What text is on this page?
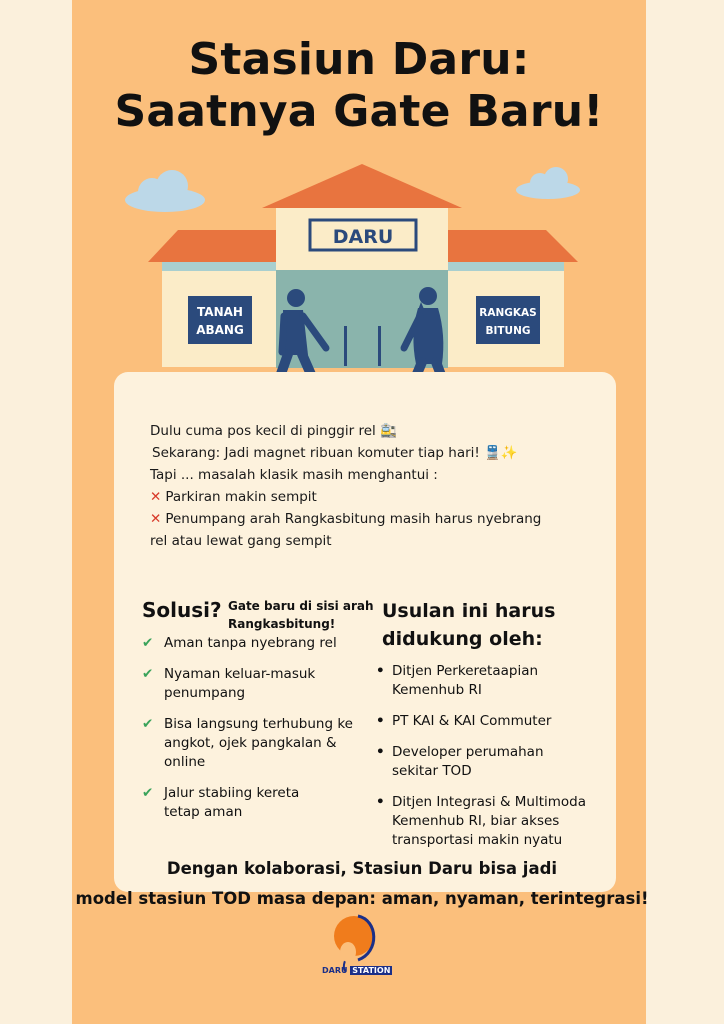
Stasiun Daru:
Saatnya Gate Baru!
DARU
TANAH
ABANG
RANGKAS
BITUNG
Dulu cuma pos kecil di pinggir rel 🚉
Sekarang: Jadi magnet ribuan komuter tiap hari! 🚆✨
Tapi ... masalah klasik masih menghantui :
✕ Parkiran makin sempit
✕ Penumpang arah Rangkasbitung masih harus nyebrang
rel atau lewat gang sempit
Solusi? Gate baru di sisi arah Rangkasbitung!
✔ Aman tanpa nyebrang rel
✔ Nyaman keluar-masuk penumpang
✔ Bisa langsung terhubung ke angkot, ojek pangkalan & online
✔ Jalur stabiing kereta tetap aman
Usulan ini harus didukung oleh:
• Ditjen Perkeretaapian Kemenhub RI
• PT KAI & KAI Commuter
• Developer perumahan sekitar TOD
• Ditjen Integrasi & Multimoda Kemenhub RI, biar akses transportasi makin nyatu
Dengan kolaborasi, Stasiun Daru bisa jadi
model stasiun TOD masa depan: aman, nyaman, terintegrasi!
DARU STATION
